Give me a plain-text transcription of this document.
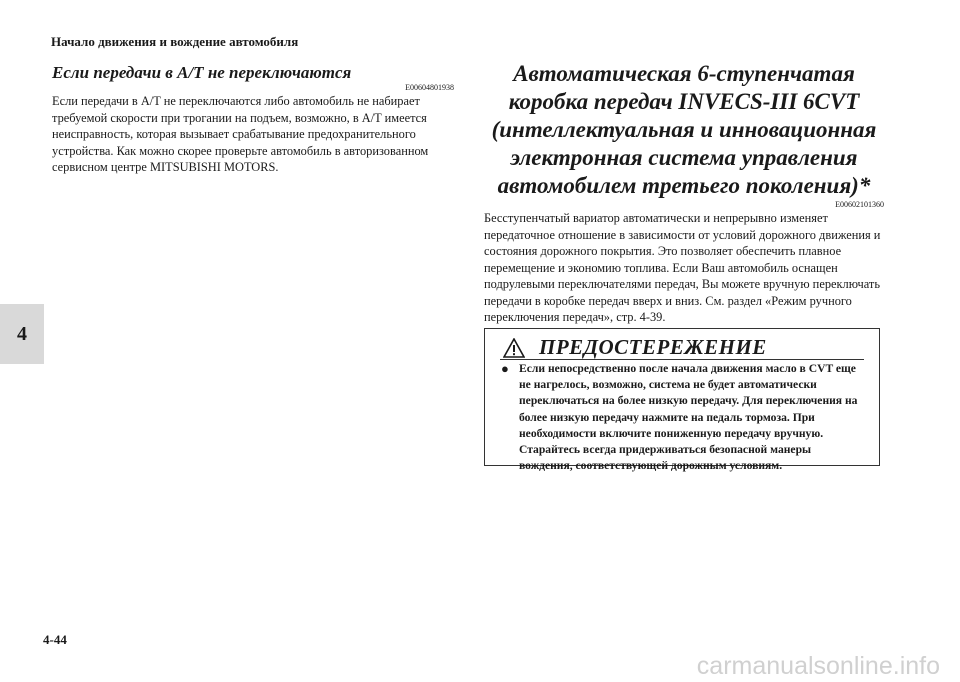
Начало движения и вождение автомобиля
4
Если передачи в A/T не переключаются
E00604801938

Если передачи в A/T не переключаются либо автомобиль не набирает требуемой скорости при трогании на подъем, возможно, в A/T имеется неисправность, которая вызывает срабатывание предохранительного устройства. Как можно скорее проверьте автомобиль в авторизованном сервисном центре MITSUBISHI MOTORS.

Автоматическая 6-ступенчатая коробка передач INVECS-III 6CVT (интеллектуальная и инновационная электронная система управления автомобилем третьего поколения)*
E00602101360

Бесступенчатый вариатор автоматически и непрерывно изменяет передаточное отношение в зависимости от условий дорожного движения и состояния дорожного покрытия. Это позволяет обеспечить плавное перемещение и экономию топлива. Если Ваш автомобиль оснащен подрулевыми переключателями передач, Вы можете вручную переключать передачи в коробке передач вверх и вниз. См. раздел «Режим ручного переключения передач», стр. 4-39.

ПРЕДОСТЕРЕЖЕНИЕ
● Если непосредственно после начала движения масло в CVT еще не нагрелось, возможно, система не будет автоматически переключаться на более низкую передачу. Для переключения на более низкую передачу нажмите на педаль тормоза. При необходимости включите пониженную передачу вручную. Старайтесь всегда придерживаться безопасной манеры вождения, соответствующей дорожным условиям.

4-44
carmanualsonline.info
